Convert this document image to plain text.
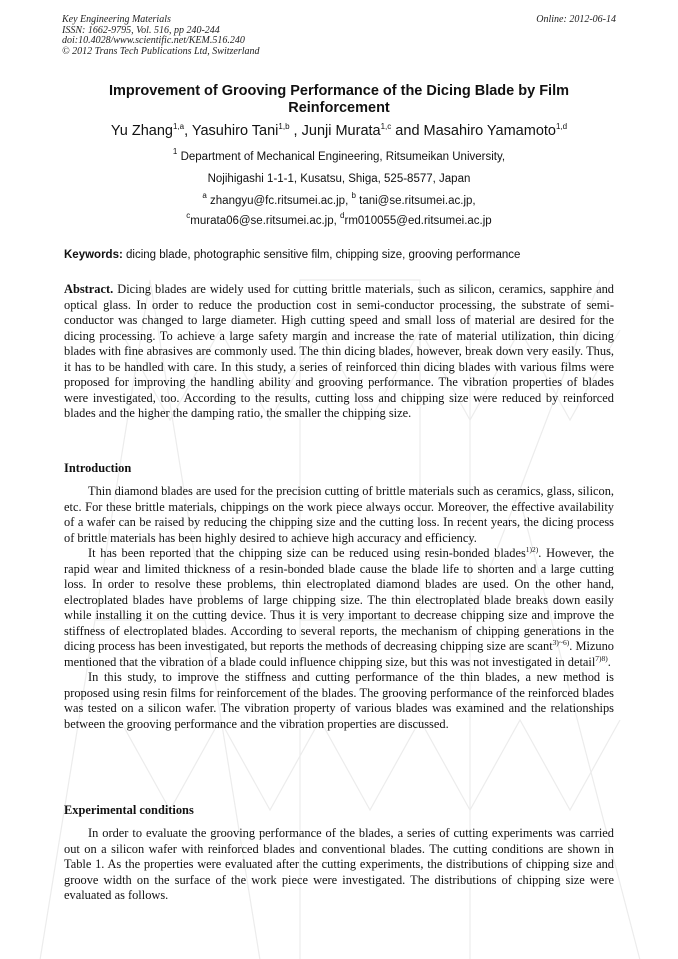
Key Engineering Materials
ISSN: 1662-9795, Vol. 516, pp 240-244
doi:10.4028/www.scientific.net/KEM.516.240
© 2012 Trans Tech Publications Ltd, Switzerland
Online: 2012-06-14
Improvement of Grooving Performance of the Dicing Blade by Film Reinforcement
Yu Zhang$^{1,a}$, Yasuhiro Tani$^{1,b}$ , Junji Murata$^{1,c}$ and Masahiro Yamamoto$^{1,d}$
$^1$ Department of Mechanical Engineering, Ritsumeikan University,
Nojihigashi 1-1-1, Kusatsu, Shiga, 525-8577, Japan
$^a$ zhangyu@fc.ritsumei.ac.jp, $^b$ tani@se.ritsumei.ac.jp,
$^c$murata06@se.ritsumei.ac.jp, $^d$rm010055@ed.ritsumei.ac.jp
Keywords: dicing blade, photographic sensitive film, chipping size, grooving performance

Abstract. Dicing blades are widely used for cutting brittle materials, such as silicon, ceramics, sapphire and optical glass. In order to reduce the production cost in semi-conductor processing, the substrate of semi-conductor was changed to large diameter. High cutting speed and small loss of material are desired for the dicing processing. To achieve a large safety margin and increase the rate of material utilization, thin dicing blades with fine abrasives are commonly used. The thin dicing blades, however, break down very easily. Thus, it has to be handled with care. In this study, a series of reinforced thin dicing blades with various films were proposed for improving the handling ability and grooving performance. The vibration properties of blades were investigated, too. According to the results, cutting loss and chipping size were reduced by reinforced blades and the higher the damping ratio, the smaller the chipping size.

Introduction

Thin diamond blades are used for the precision cutting of brittle materials such as ceramics, glass, silicon, etc. For these brittle materials, chippings on the work piece always occur. Moreover, the effective availability of a wafer can be raised by reducing the chipping size and the cutting loss. In recent years, the dicing process of brittle materials has been highly desired to achieve high accuracy and efficiency.

It has been reported that the chipping size can be reduced using resin-bonded blades$^{1)2)}$. However, the rapid wear and limited thickness of a resin-bonded blade cause the blade life to shorten and a large cutting loss. In order to resolve these problems, thin electroplated diamond blades are used. On the other hand, electroplated blades have problems of large chipping size. The thin electroplated blade breaks down easily while installing it on the cutting device. Thus it is very important to decrease chipping size and improve the stiffness of electroplated blades. According to several reports, the mechanism of chipping generations in the dicing process has been investigated, but reports the methods of decreasing chipping size are scant$^{3)\sim 6)}$. Mizuno mentioned that the vibration of a blade could influence chipping size, but this was not investigated in detail$^{7)8)}$.

In this study, to improve the stiffness and cutting performance of the thin blades, a new method is proposed using resin films for reinforcement of the blades. The grooving performance of the reinforced blades was tested on a silicon wafer. The vibration property of various blades was examined and the relationships between the grooving performance and the vibration properties are discussed.

Experimental conditions

In order to evaluate the grooving performance of the blades, a series of cutting experiments was carried out on a silicon wafer with reinforced blades and conventional blades. The cutting conditions are shown in Table 1. As the properties were evaluated after the cutting experiments, the distributions of chipping size and groove width on the surface of the work piece were investigated. The distributions of chipping size were evaluated as follows.
